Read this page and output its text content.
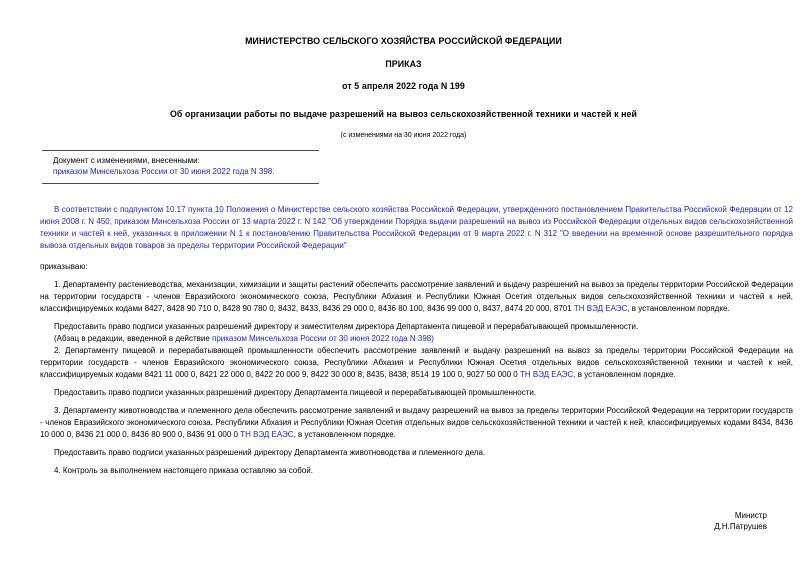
МИНИСТЕРСТВО СЕЛЬСКОГО ХОЗЯЙСТВА РОССИЙСКОЙ ФЕДЕРАЦИИ
ПРИКАЗ
от 5 апреля 2022 года N 199
Об организации работы по выдаче разрешений на вывоз сельскохозяйственной техники и частей к ней
(с изменениями на 30 июня 2022 года)
Документ с изменениями, внесенными:
приказом Минсельхоза России от 30 июня 2022 года N 398.

В соответствии с подпунктом 10.17 пункта 10 Положения о Министерстве сельского хозяйства Российской Федерации, утвержденного постановлением Правительства Российской Федерации от 12 июня 2008 г. N 450, приказом Минсельхоза России от 13 марта 2022 г. N 142 "Об утверждении Порядка выдачи разрешений на вывоз из Российской Федерации отдельных видов сельскохозяйственной техники и частей к ней, указанных в приложении N 1 к постановлению Правительства Российской Федерации от 9 марта 2022 г. N 312 "О введении на временной основе разрешительного порядка вывоза отдельных видов товаров за пределы территории Российской Федерации"

приказываю:

1. Департаменту растениеводства, механизации, химизации и защиты растений обеспечить рассмотрение заявлений и выдачу разрешений на вывоз за пределы территории Российской Федерации на территории государств - членов Евразийского экономического союза, Республики Абхазия и Республики Южная Осетия отдельных видов сельскохозяйственной техники и частей к ней, классифицируемых кодами 8427, 8428 90 710 0, 8428 90 780 0, 8432, 8433, 8436 29 000 0, 8436 80 100, 8436 99 000 0, 8437, 8474 20 000, 8701 ТН ВЭД ЕАЭС, в установленном порядке.

Предоставить право подписи указанных разрешений директору и заместителям директора Департамента пищевой и перерабатывающей промышленности.

(Абзац в редакции, введенной в действие приказом Минсельхоза России от 30 июня 2022 года N 398)

2. Департаменту пищевой и перерабатывающей промышленности обеспечить рассмотрение заявлений и выдачу разрешений на вывоз за пределы территории Российской Федерации на территории государств - членов Евразийского экономического союза, Республики Абхазия и Республики Южная Осетия отдельных видов сельскохозяйственной техники и частей к ней, классифицируемых кодами 8421 11 000 0, 8421 22 000 0, 8422 20 000 9, 8422 30 000 8, 8435, 8438, 8514 19 100 0, 9027 50 000 0 ТН ВЭД ЕАЭС, в установленном порядке.

Предоставить право подписи указанных разрешений директору Департамента пищевой и перерабатывающей промышленности.

3. Департаменту животноводства и племенного дела обеспечить рассмотрение заявлений и выдачу разрешений на вывоз за пределы территории Российской Федерации на территории государств - членов Евразийского экономического союза, Республики Абхазия и Республики Южная Осетия отдельных видов сельскохозяйственной техники и частей к ней, классифицируемых кодами 8434, 8436 10 000 0, 8436 21 000 0, 8436 80 900 0, 8436 91 000 0 ТН ВЭД ЕАЭС, в установленном порядке.

Предоставить право подписи указанных разрешений директору Департамента животноводства и племенного дела.

4. Контроль за выполнением настоящего приказа оставляю за собой.

Министр
Д.Н.Патрушев
